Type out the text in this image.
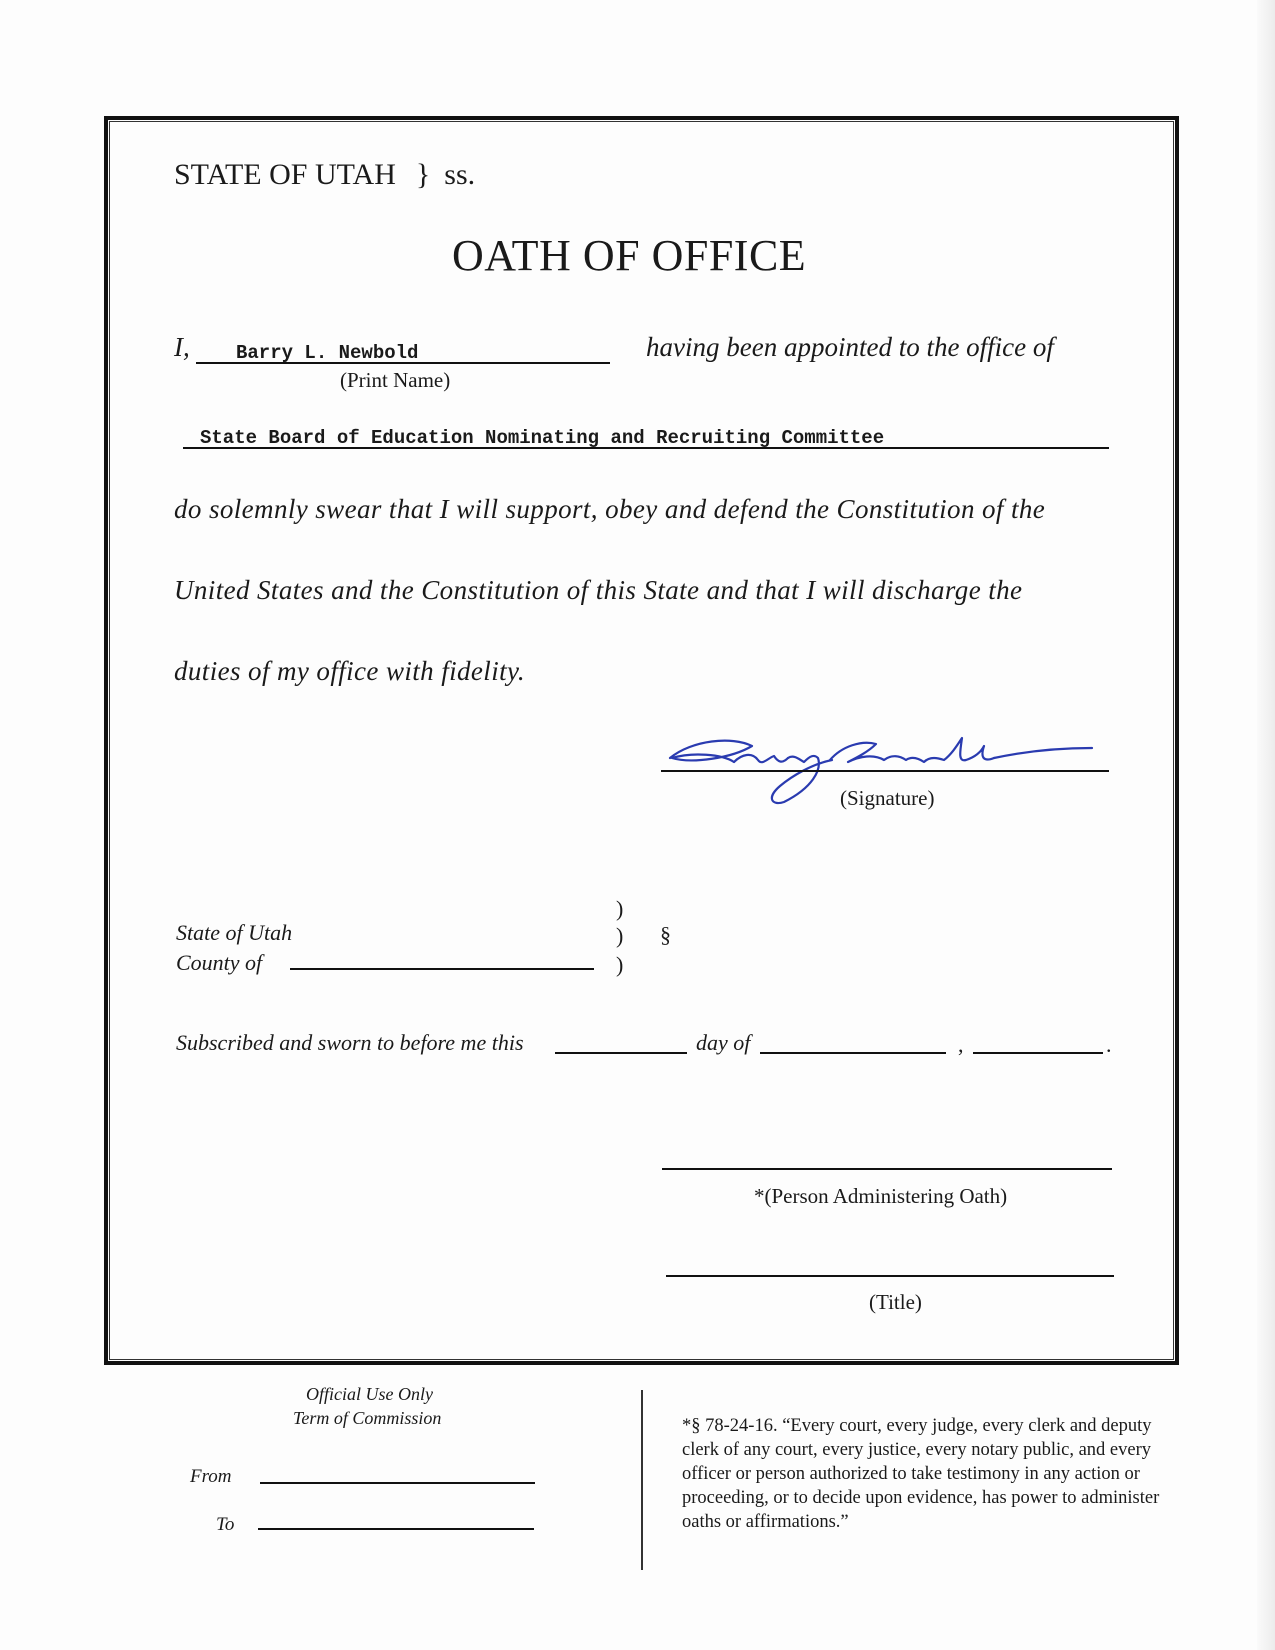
STATE OF UTAH } ss.
OATH OF OFFICE
I, Barry L. Newbold
(Print Name)
having been appointed to the office of
State Board of Education Nominating and Recruiting Committee
do solemnly swear that I will support, obey and defend the Constitution of the
United States and the Constitution of this State and that I will discharge the
duties of my office with fidelity.
(Signature)
State of Utah
County of
)
)
)
§
Subscribed and sworn to before me this	day of	,	.
*(Person Administering Oath)
(Title)
Official Use Only
Term of Commission
From
To
*§ 78-24-16. “Every court, every judge, every clerk and deputy clerk of any court, every justice, every notary public, and every officer or person authorized to take testimony in any action or proceeding, or to decide upon evidence, has power to administer oaths or affirmations.”
